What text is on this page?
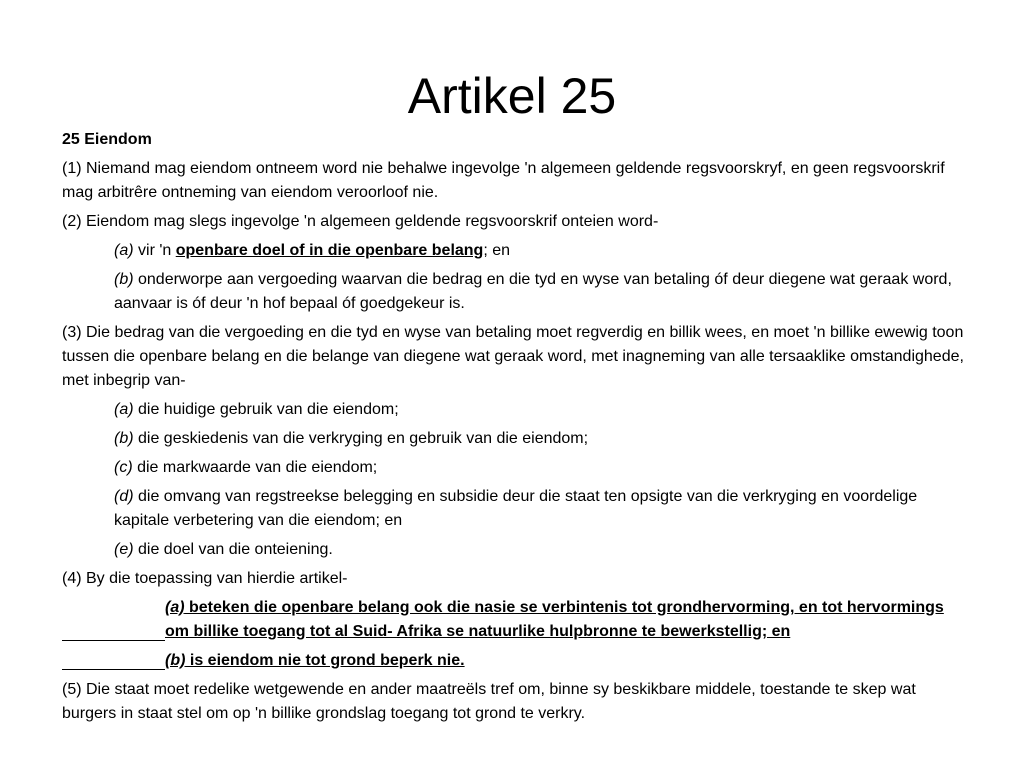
Artikel 25
25 Eiendom
(1) Niemand mag eiendom ontneem word nie behalwe ingevolge 'n algemeen geldende regsvoorskryf, en geen regsvoorskrif mag arbitrêre ontneming van eiendom veroorloof nie.
(2) Eiendom mag slegs ingevolge 'n algemeen geldende regsvoorskrif onteien word-
(a) vir 'n openbare doel of in die openbare belang; en
(b) onderworpe aan vergoeding waarvan die bedrag en die tyd en wyse van betaling óf deur diegene wat geraak word, aanvaar is óf deur 'n hof bepaal óf goedgekeur is.
(3) Die bedrag van die vergoeding en die tyd en wyse van betaling moet regverdig en billik wees, en moet 'n billike ewewig toon tussen die openbare belang en die belange van diegene wat geraak word, met inagneming van alle tersaaklike omstandighede, met inbegrip van-
(a) die huidige gebruik van die eiendom;
(b) die geskiedenis van die verkryging en gebruik van die eiendom;
(c) die markwaarde van die eiendom;
(d) die omvang van regstreekse belegging en subsidie deur die staat ten opsigte van die verkryging en voordelige kapitale verbetering van die eiendom; en
(e) die doel van die onteiening.
(4) By die toepassing van hierdie artikel-
(a) beteken die openbare belang ook die nasie se verbintenis tot grondhervorming, en tot hervormings om billike toegang tot al Suid- Afrika se natuurlike hulpbronne te bewerkstellig; en
(b) is eiendom nie tot grond beperk nie.
(5) Die staat moet redelike wetgewende en ander maatreëls tref om, binne sy beskikbare middele, toestande te skep wat burgers in staat stel om op 'n billike grondslag toegang tot grond te verkry.
